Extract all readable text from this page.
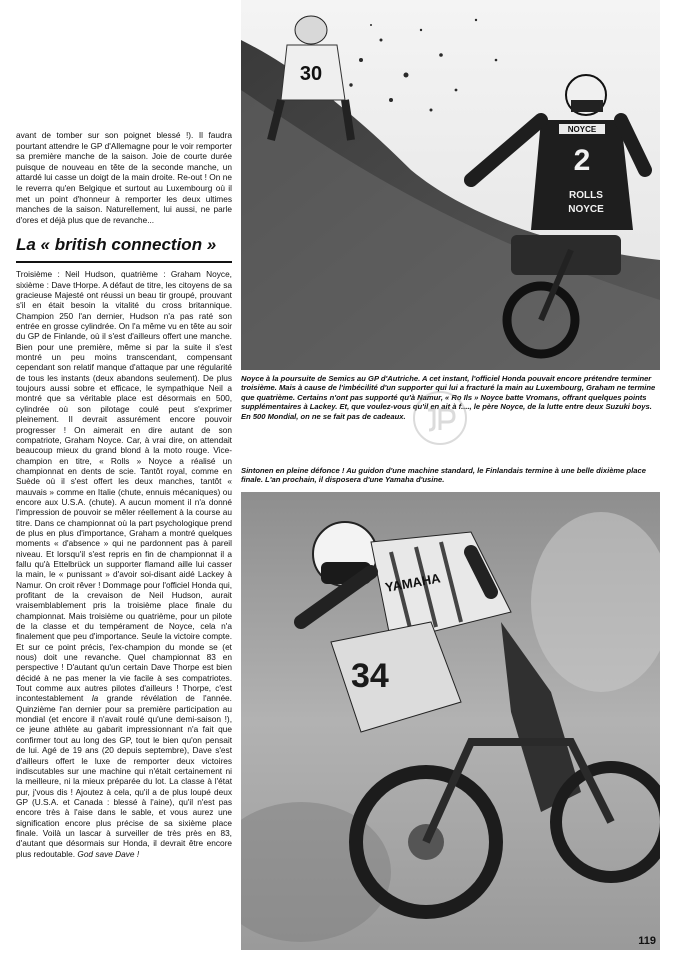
avant de tomber sur son poignet blessé !). Il faudra pourtant attendre le GP d'Allemagne pour le voir remporter sa première manche de la saison. Joie de courte durée puisque de nouveau en tête de la seconde manche, un attardé lui casse un doigt de la main droite. Re-out ! On ne le reverra qu'en Belgique et surtout au Luxembourg où il met un point d'honneur à remporter les deux ultimes manches de la saison. Naturellement, lui aussi, ne parle d'ores et déjà plus que de revanche...

La « british connection »

Troisième : Neil Hudson, quatrième : Graham Noyce, sixième : Dave tHorpe. A défaut de titre, les citoyens de sa gracieuse Majesté ont réussi un beau tir groupé, prouvant s'il en était besoin la vitalité du cross britannique. Champion 250 l'an dernier, Hudson n'a pas raté son entrée en grosse cylindrée. On l'a même vu en tête au soir du GP de Finlande, où il s'est d'ailleurs offert une manche. Bien pour une première, même si par la suite il s'est montré un peu moins transcendant, compensant cependant son relatif manque d'attaque par une régularité de tous les instants (deux abandons seulement). De plus toujours aussi sobre et efficace, le sympathique Neil a montré que sa véritable place est désormais en 500, cylindrée où son pilotage coulé peut s'exprimer pleinement. Il devrait assurément encore pouvoir progresser ! On aimerait en dire autant de son compatriote, Graham Noyce. Car, à vrai dire, on attendait beaucoup mieux du grand blond à la moto rouge. Vice-champion en titre, « Rolls » Noyce a réalisé un championnat en dents de scie. Tantôt royal, comme en Suède où il s'est offert les deux manches, tantôt « mauvais » comme en Italie (chute, ennuis mécaniques) ou encore aux U.S.A. (chute). A aucun moment il n'a donné l'impression de pouvoir se mêler réellement à la course au titre. Dans ce championnat où la part psychologique prend de plus en plus d'importance, Graham a montré quelques moments « d'absence » qui ne pardonnent pas à pareil niveau. Et lorsqu'il s'est repris en fin de championnat il a fallu qu'à Ettelbrück un supporter flamand aille lui casser la main, le « punissant » d'avoir soi-disant aidé Lackey à Namur. On croit rêver ! Dommage pour l'officiel Honda qui, profitant de la crevaison de Neil Hudson, aurait vraisemblablement pris la troisième place finale du championnat. Mais troisième ou quatrième, pour un pilote de la classe et du tempérament de Noyce, cela n'a finalement que peu d'importance. Seule la victoire compte. Et sur ce point précis, l'ex-champion du monde se (et nous) doit une revanche. Quel championnat 83 en perspective ! D'autant qu'un certain Dave Thorpe est bien décidé à ne pas mener la vie facile à ses compatriotes. Tout comme aux autres pilotes d'ailleurs ! Thorpe, c'est incontestablement la grande révélation de l'année. Quinzième l'an dernier pour sa première participation au mondial (et encore il n'avait roulé qu'une demi-saison !), ce jeune athlète au gabarit impressionnant n'a fait que confirmer tout au long des GP, tout le bien qu'on pensait de lui. Agé de 19 ans (20 depuis septembre), Dave s'est d'ailleurs offert le luxe de remporter deux victoires indiscutables sur une machine qui n'était certainement ni la meilleure, ni la mieux préparée du lot. La classe à l'état pur, j'vous dis ! Ajoutez à cela, qu'il a de plus loupé deux GP (U.S.A. et Canada : blessé à l'aine), qu'il n'est pas encore très à l'aise dans le sable, et vous aurez une signification encore plus précise de sa sixième place finale. Voilà un lascar à surveiller de très près en 83, d'autant que désormais sur Honda, il devrait être encore plus redoutable. God save Dave !

30
NOYCE
2
ROLLS
NOYCE

Noyce à la poursuite de Semics au GP d'Autriche. A cet instant, l'officiel Honda pouvait encore prétendre terminer troisième. Mais à cause de l'imbécilité d'un supporter qui lui a fracturé la main au Luxembourg, Graham ne termine que quatrième. Certains n'ont pas supporté qu'à Namur, « Ro Ils » Noyce batte Vromans, offrant quelques points supplémentaires à Lackey. Et, que voulez-vous qu'il en ait à f...., le père Noyce, de la lutte entre deux Suzuki boys. En 500 Mondial, on ne se fait pas de cadeaux.

Sintonen en pleine défonce ! Au guidon d'une machine standard, le Finlandais termine à une belle dixième place finale. L'an prochain, il disposera d'une Yamaha d'usine.

YAMAHA
34
119
